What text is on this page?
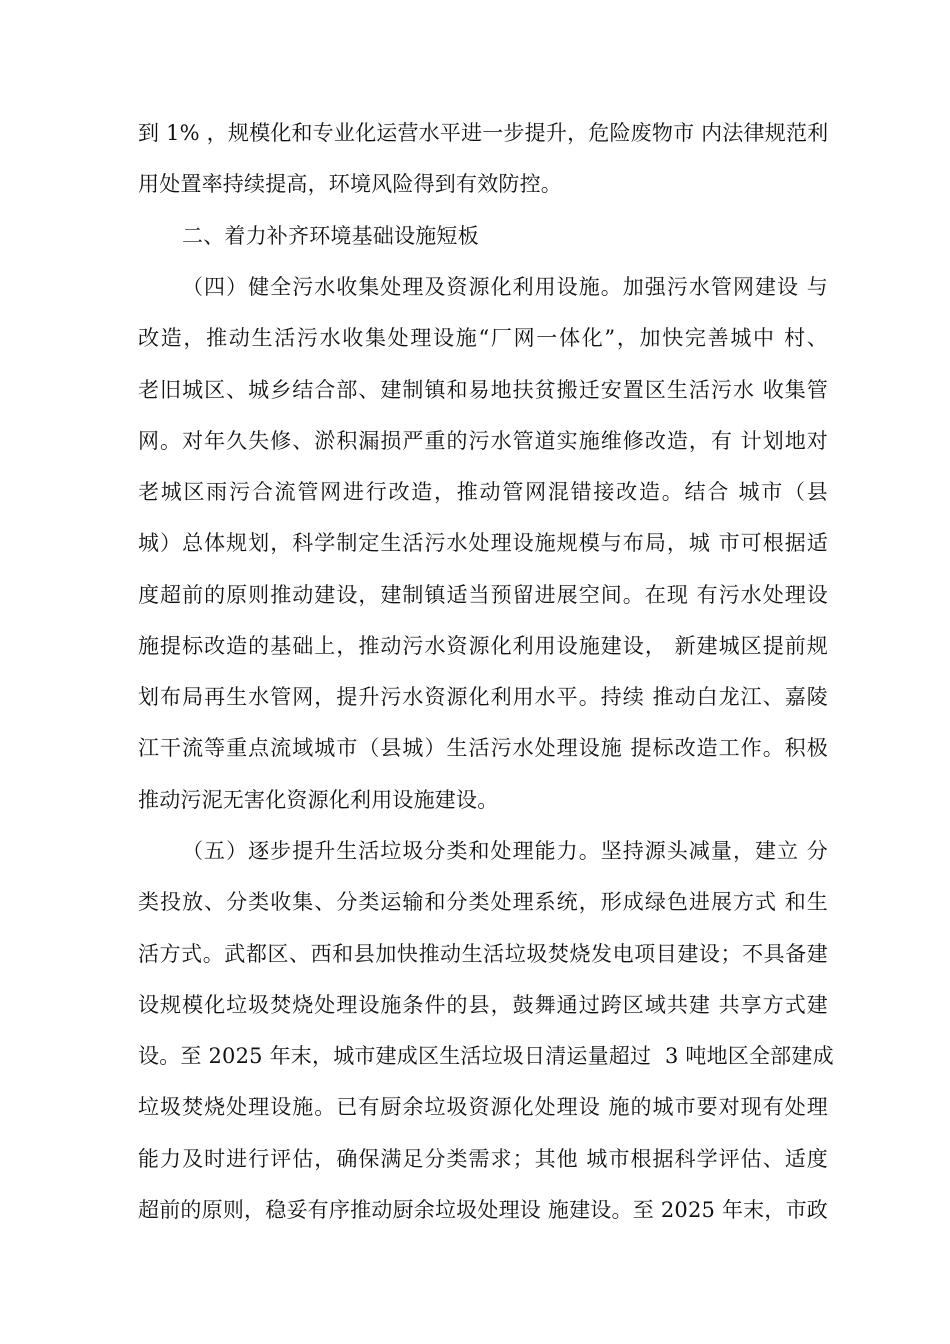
到 1% ，规模化和专业化运营水平进一步提升，危险废物市 内法律规范利
用处置率持续提高，环境风险得到有效防控。
二、着力补齐环境基础设施短板
（四）健全污水收集处理及资源化利用设施。加强污水管网建设 与
改造，推动生活污水收集处理设施“厂网一体化”，加快完善城中 村、
老旧城区、城乡结合部、建制镇和易地扶贫搬迁安置区生活污水 收集管
网。对年久失修、淤积漏损严重的污水管道实施维修改造，有 计划地对
老城区雨污合流管网进行改造，推动管网混错接改造。结合 城市（县
城）总体规划，科学制定生活污水处理设施规模与布局，城 市可根据适
度超前的原则推动建设，建制镇适当预留进展空间。在现 有污水处理设
施提标改造的基础上，推动污水资源化利用设施建设， 新建城区提前规
划布局再生水管网，提升污水资源化利用水平。持续 推动白龙江、嘉陵
江干流等重点流域城市（县城）生活污水处理设施 提标改造工作。积极
推动污泥无害化资源化利用设施建设。
（五）逐步提升生活垃圾分类和处理能力。坚持源头减量，建立 分
类投放、分类收集、分类运输和分类处理系统，形成绿色进展方式 和生
活方式。武都区、西和县加快推动生活垃圾焚烧发电项目建设；不具备建
设规模化垃圾焚烧处理设施条件的县，鼓舞通过跨区域共建 共享方式建
设。至 2025 年末，城市建成区生活垃圾日清运量超过  3 吨地区全部建成
垃圾焚烧处理设施。已有厨余垃圾资源化处理设 施的城市要对现有处理
能力及时进行评估，确保满足分类需求；其他 城市根据科学评估、适度
超前的原则，稳妥有序推动厨余垃圾处理设 施建设。至 2025 年末，市政
